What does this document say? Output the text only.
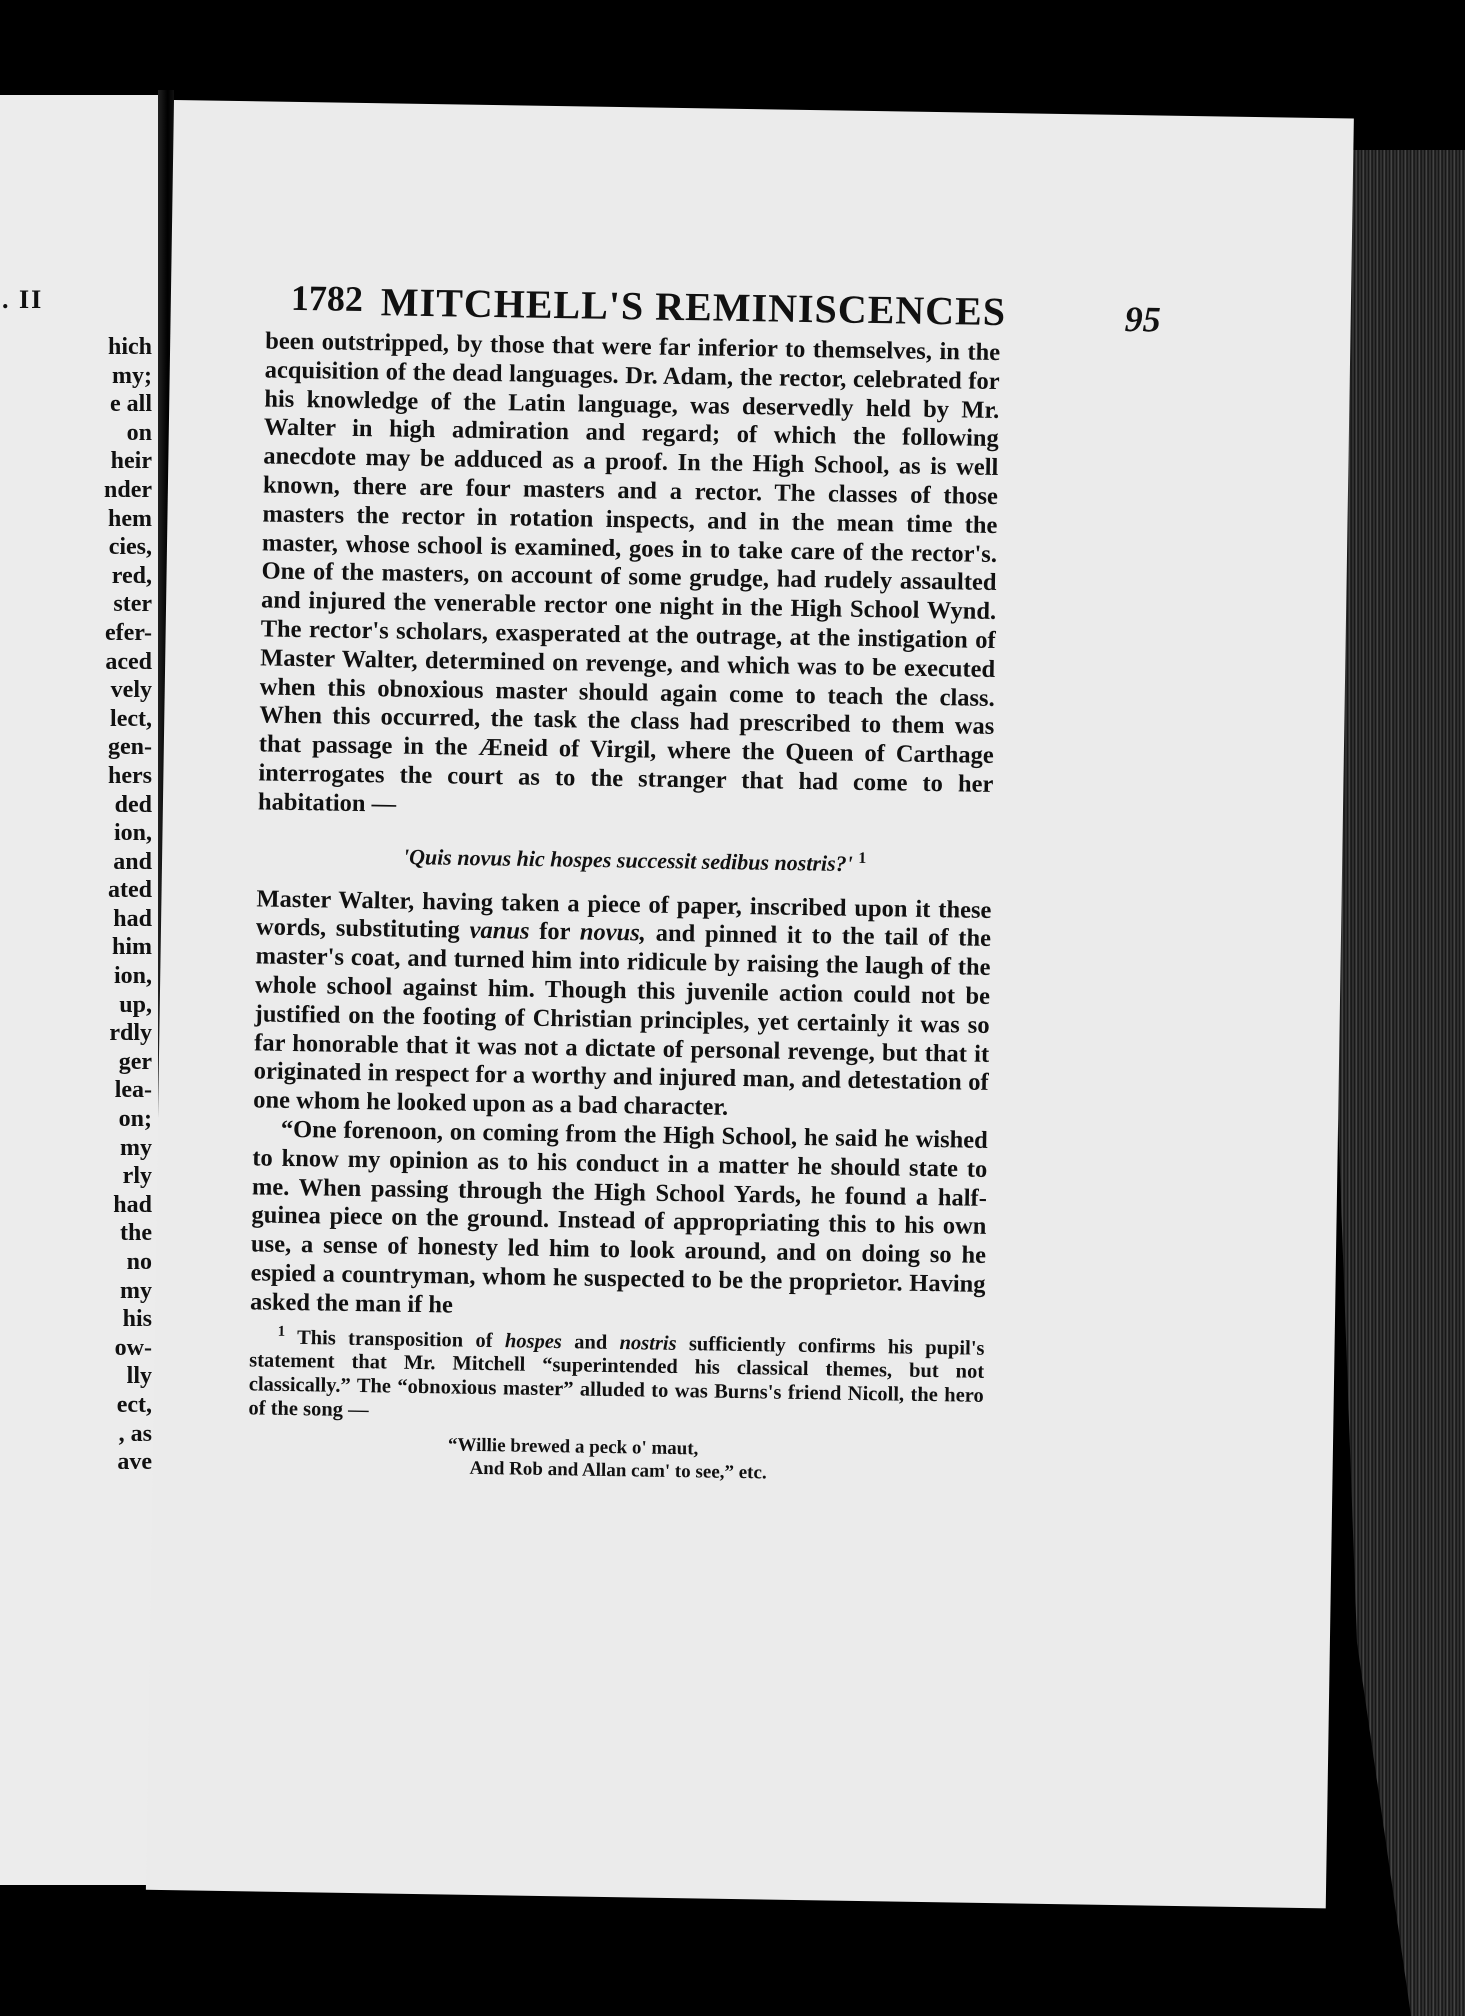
. II
hich
my;
e all
on
heir
nder
hem
cies,
red,
ster
efer-
aced
vely
lect,
gen-
hers
ded
ion,
and
ated
had
him
ion,
up,
rdly
ger
lea-
on;
my
rly
had
the
no
my
his
ow-
lly
ect,
, as
ave
1782 MITCHELL'S REMINISCENCES	95

been outstripped, by those that were far inferior to themselves, in the acquisition of the dead languages. Dr. Adam, the rector, celebrated for his knowledge of the Latin language, was deservedly held by Mr. Walter in high admiration and regard; of which the following anecdote may be adduced as a proof. In the High School, as is well known, there are four masters and a rector. The classes of those masters the rector in rotation inspects, and in the mean time the master, whose school is examined, goes in to take care of the rector's. One of the masters, on account of some grudge, had rudely assaulted and injured the venerable rector one night in the High School Wynd. The rector's scholars, exasperated at the outrage, at the instigation of Master Walter, determined on revenge, and which was to be executed when this obnoxious master should again come to teach the class. When this occurred, the task the class had prescribed to them was that passage in the Æneid of Virgil, where the Queen of Carthage interrogates the court as to the stranger that had come to her habitation —

'Quis novus hic hospes successit sedibus nostris?' $^1$

Master Walter, having taken a piece of paper, inscribed upon it these words, substituting vanus for novus, and pinned it to the tail of the master's coat, and turned him into ridicule by raising the laugh of the whole school against him. Though this juvenile action could not be justified on the footing of Christian principles, yet certainly it was so far honorable that it was not a dictate of personal revenge, but that it originated in respect for a worthy and injured man, and detestation of one whom he looked upon as a bad character.

“One forenoon, on coming from the High School, he said he wished to know my opinion as to his conduct in a matter he should state to me. When passing through the High School Yards, he found a half-guinea piece on the ground. Instead of appropriating this to his own use, a sense of honesty led him to look around, and on doing so he espied a countryman, whom he suspected to be the proprietor. Having asked the man if he

$^1$ This transposition of hospes and nostris sufficiently confirms his pupil's statement that Mr. Mitchell “superintended his classical themes, but not classically.” The “obnoxious master” alluded to was Burns's friend Nicoll, the hero of the song —

“Willie brewed a peck o' maut,
And Rob and Allan cam' to see,” etc.
